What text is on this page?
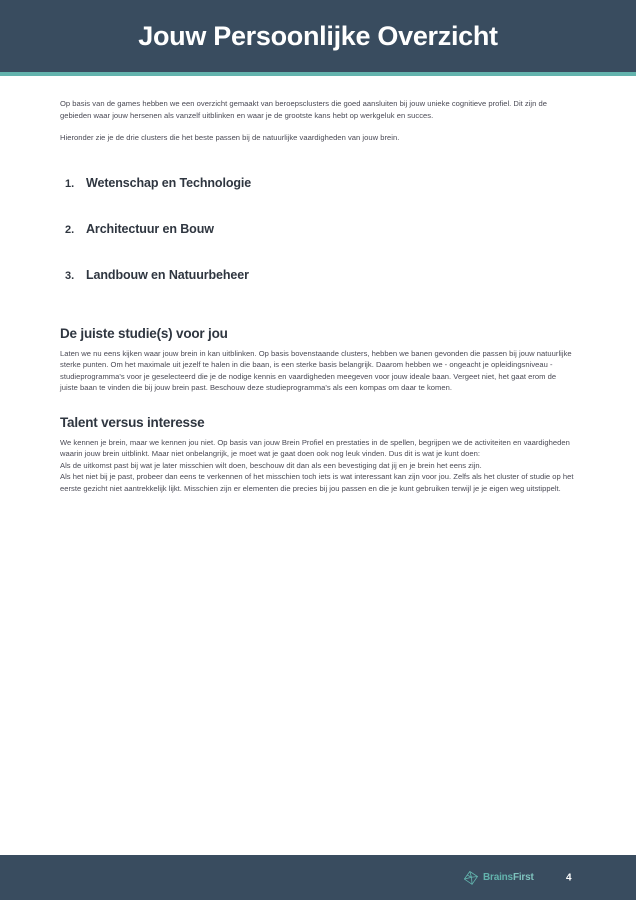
Jouw Persoonlijke Overzicht

Op basis van de games hebben we een overzicht gemaakt van beroepsclusters die goed aansluiten bij jouw unieke cognitieve profiel. Dit zijn de gebieden waar jouw hersenen als vanzelf uitblinken en waar je de grootste kans hebt op werkgeluk en succes.

Hieronder zie je de drie clusters die het beste passen bij de natuurlijke vaardigheden van jouw brein.

1. Wetenschap en Technologie
2. Architectuur en Bouw
3. Landbouw en Natuurbeheer
De juiste studie(s) voor jou

Laten we nu eens kijken waar jouw brein in kan uitblinken. Op basis bovenstaande clusters, hebben we banen gevonden die passen bij jouw natuurlijke sterke punten. Om het maximale uit jezelf te halen in die baan, is een sterke basis belangrijk. Daarom hebben we - ongeacht je opleidingsniveau - studieprogramma's voor je geselecteerd die je de nodige kennis en vaardigheden meegeven voor jouw ideale baan. Vergeet niet, het gaat erom de juiste baan te vinden die bij jouw brein past. Beschouw deze studieprogramma's als een kompas om daar te komen.

Talent versus interesse

We kennen je brein, maar we kennen jou niet. Op basis van jouw Brein Profiel en prestaties in de spellen, begrijpen we de activiteiten en vaardigheden waarin jouw brein uitblinkt. Maar niet onbelangrijk, je moet wat je gaat doen ook nog leuk vinden. Dus dit is wat je kunt doen:

Als de uitkomst past bij wat je later misschien wilt doen, beschouw dit dan als een bevestiging dat jij en je brein het eens zijn.

Als het niet bij je past, probeer dan eens te verkennen of het misschien toch iets is wat interessant kan zijn voor jou. Zelfs als het cluster of studie op het eerste gezicht niet aantrekkelijk lijkt. Misschien zijn er elementen die precies bij jou passen en die je kunt gebruiken terwijl je je eigen weg uitstippelt.

BrainsFirst	4
